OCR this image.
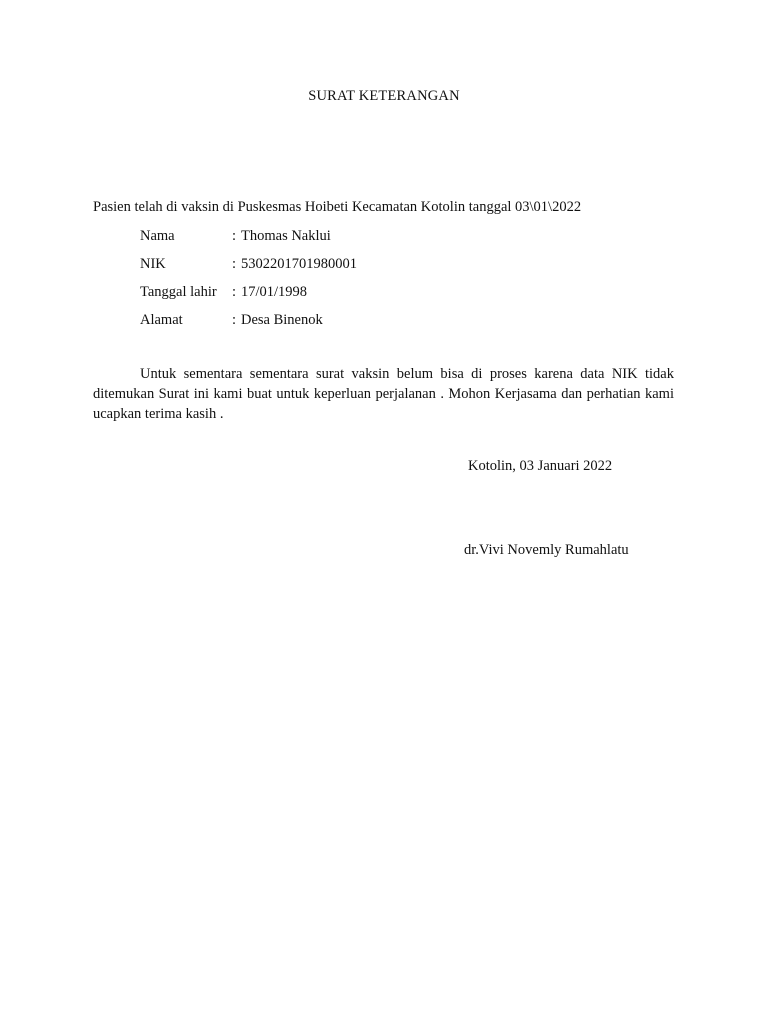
SURAT KETERANGAN
Pasien telah di vaksin di Puskesmas Hoibeti Kecamatan Kotolin tanggal 03\01\2022
Nama	: Thomas Naklui
NIK	: 5302201701980001
Tanggal lahir	: 17/01/1998
Alamat	: Desa Binenok
Untuk sementara sementara surat vaksin belum bisa di proses karena data NIK tidak ditemukan Surat ini kami buat untuk keperluan perjalanan . Mohon Kerjasama dan perhatian kami ucapkan terima kasih .
Kotolin, 03 Januari 2022
dr.Vivi Novemly Rumahlatu
